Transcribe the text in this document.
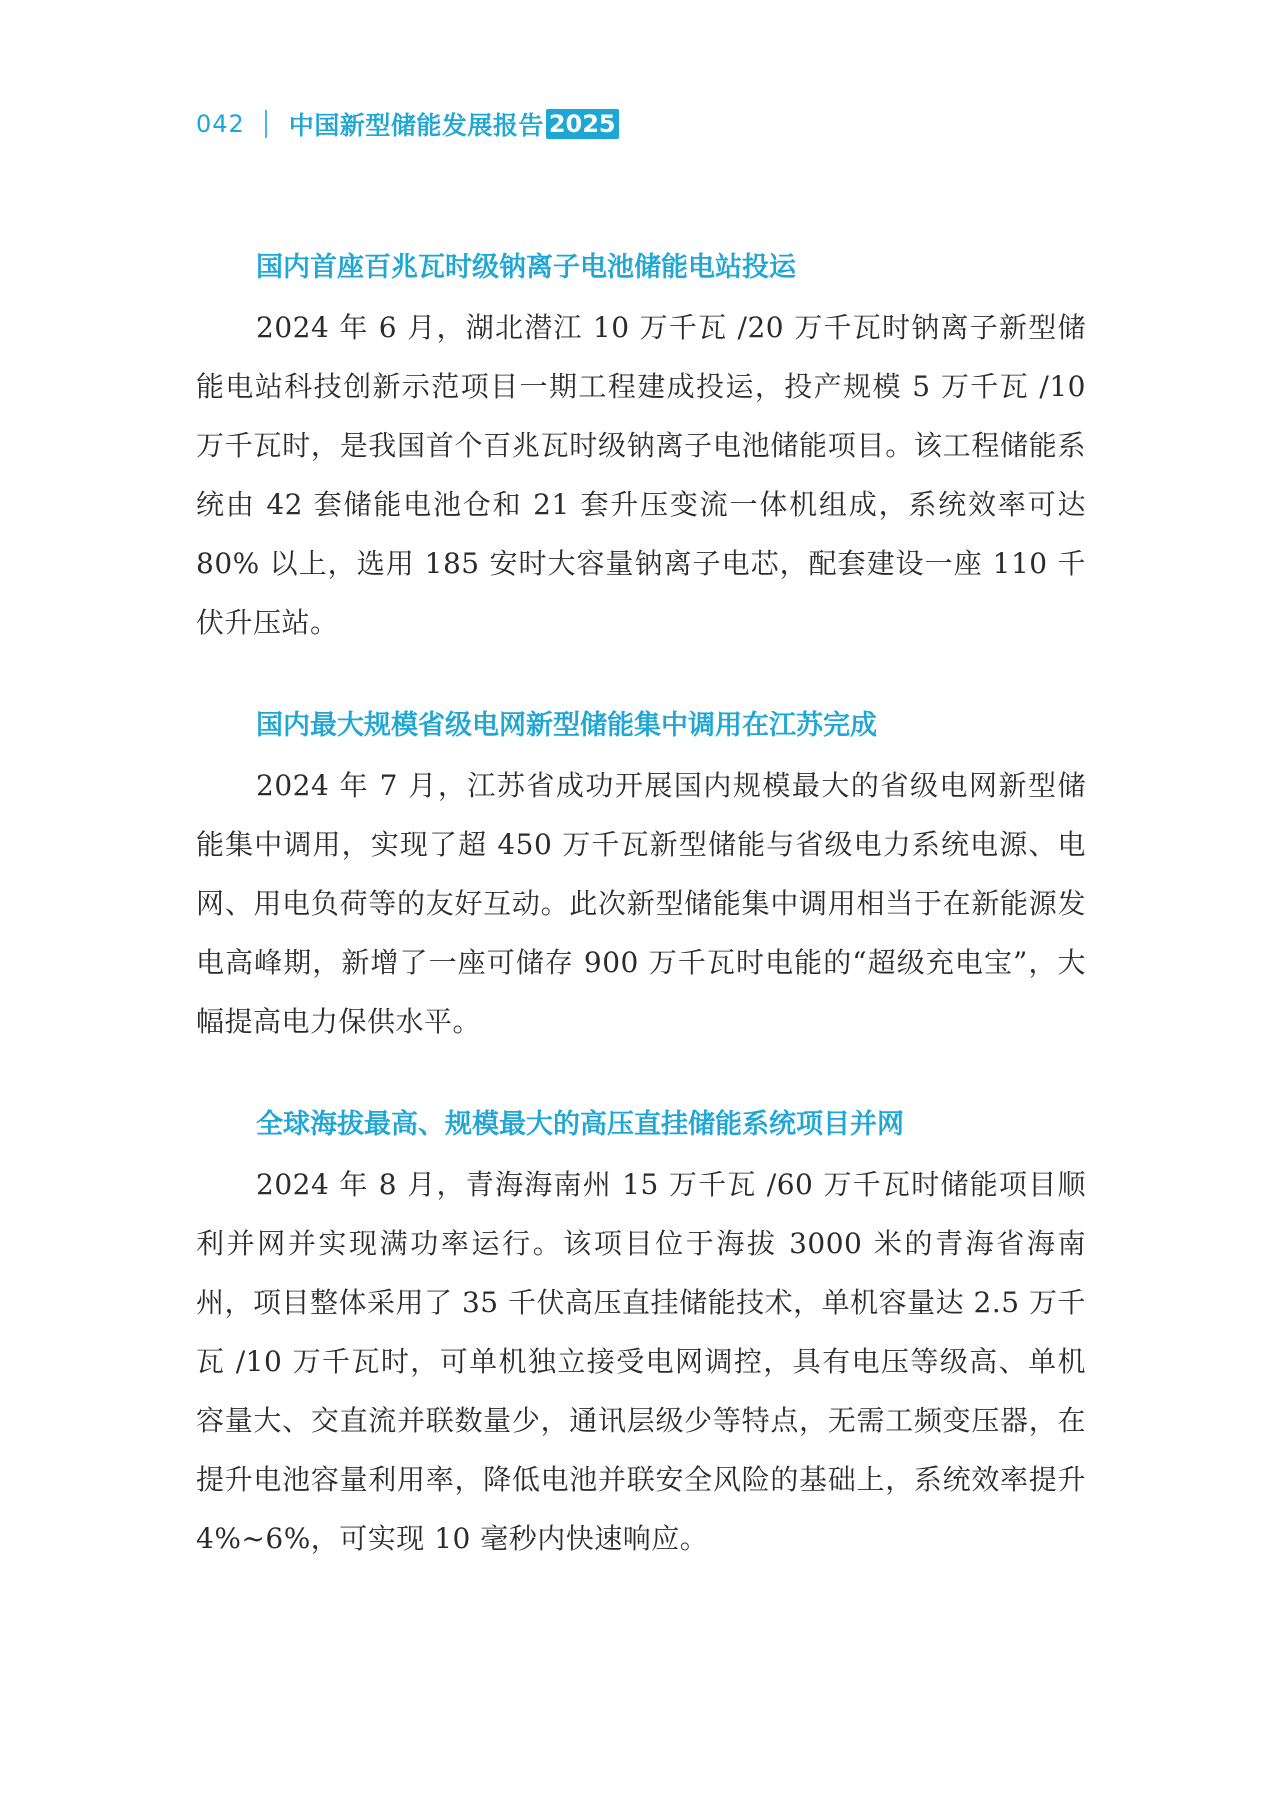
042 中国新型储能发展报告 2025
国内首座百兆瓦时级钠离子电池储能电站投运

2024 年 6 月，湖北潜江 10 万千瓦 /20 万千瓦时钠离子新型储能电站科技创新示范项目一期工程建成投运，投产规模 5 万千瓦 /10 万千瓦时，是我国首个百兆瓦时级钠离子电池储能项目。该工程储能系统由 42 套储能电池仓和 21 套升压变流一体机组成，系统效率可达 80% 以上，选用 185 安时大容量钠离子电芯，配套建设一座 110 千伏升压站。

国内最大规模省级电网新型储能集中调用在江苏完成

2024 年 7 月，江苏省成功开展国内规模最大的省级电网新型储能集中调用，实现了超 450 万千瓦新型储能与省级电力系统电源、电网、用电负荷等的友好互动。此次新型储能集中调用相当于在新能源发电高峰期，新增了一座可储存 900 万千瓦时电能的“超级充电宝”，大幅提高电力保供水平。

全球海拔最高、规模最大的高压直挂储能系统项目并网

2024 年 8 月，青海海南州 15 万千瓦 /60 万千瓦时储能项目顺利并网并实现满功率运行。该项目位于海拔 3000 米的青海省海南州，项目整体采用了 35 千伏高压直挂储能技术，单机容量达 2.5 万千瓦 /10 万千瓦时，可单机独立接受电网调控，具有电压等级高、单机容量大、交直流并联数量少，通讯层级少等特点，无需工频变压器，在提升电池容量利用率，降低电池并联安全风险的基础上，系统效率提升 4%~6%，可实现 10 毫秒内快速响应。
